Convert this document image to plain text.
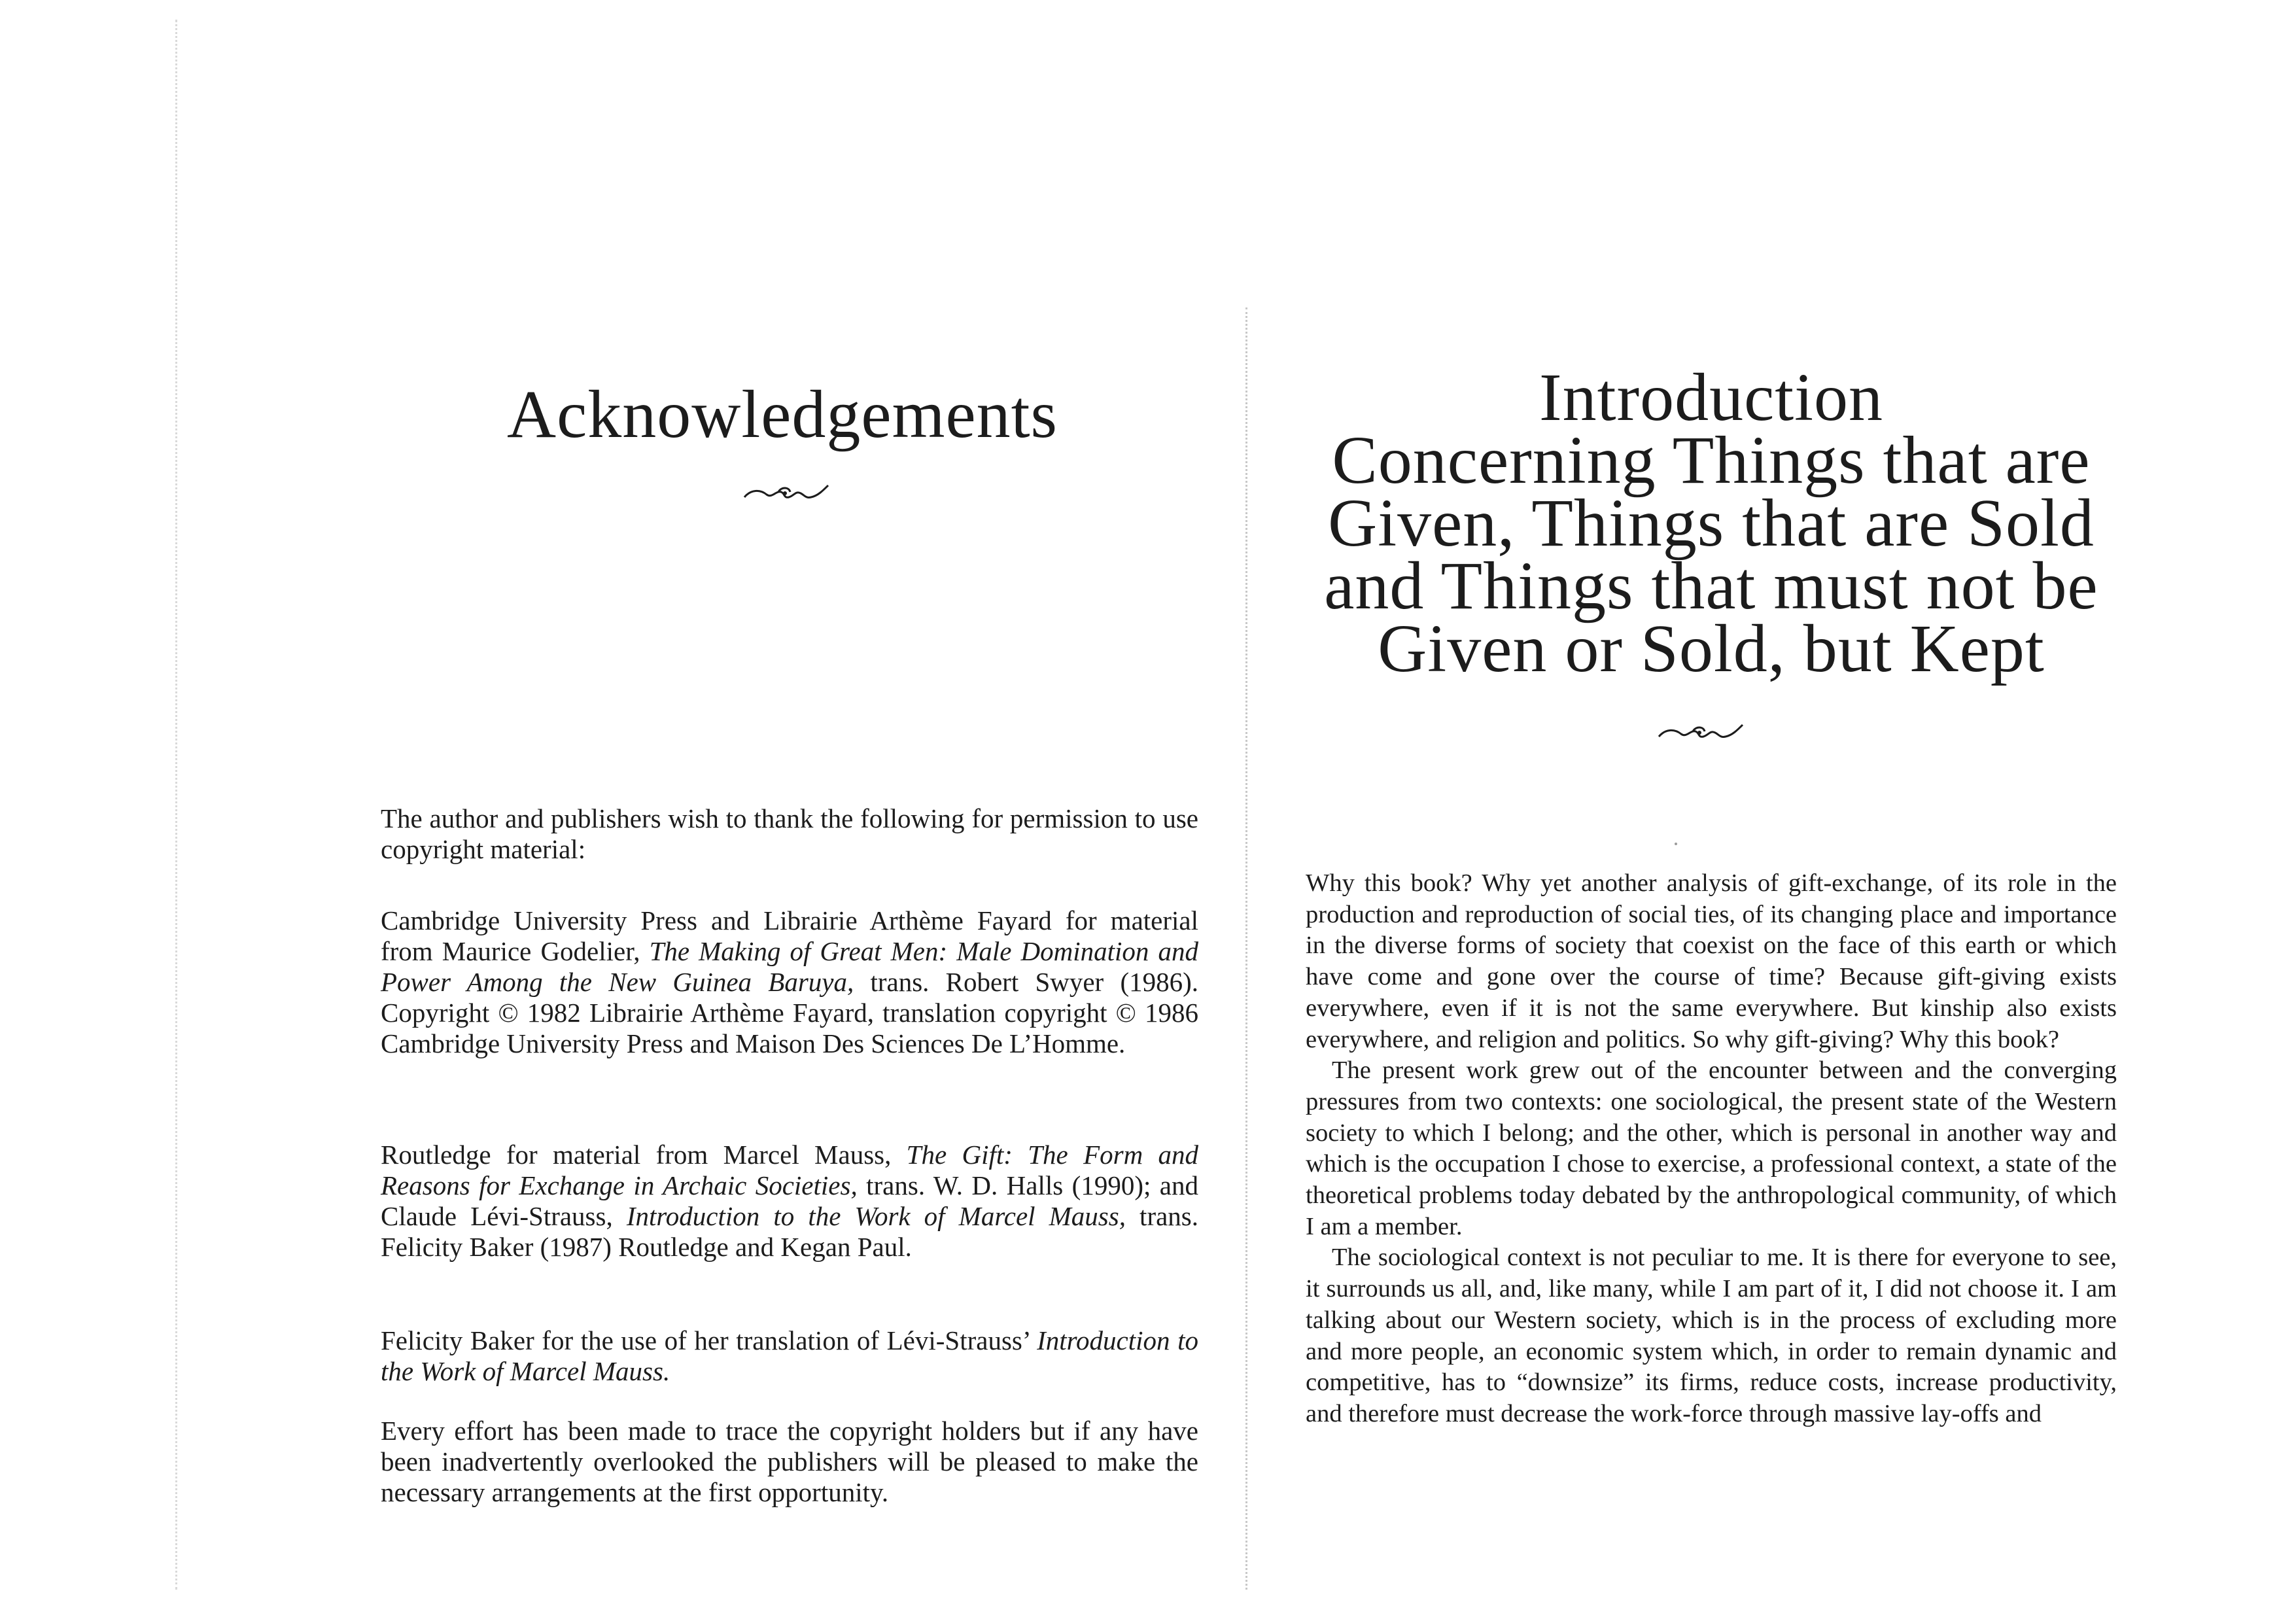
Acknowledgements

The author and publishers wish to thank the following for permission to use copyright material:

Cambridge University Press and Librairie Arthème Fayard for material from Maurice Godelier, The Making of Great Men: Male Domination and Power Among the New Guinea Baruya, trans. Robert Swyer (1986). Copyright © 1982 Librairie Arthème Fayard, translation copyright © 1986 Cambridge University Press and Maison Des Sciences De L’Homme.

Routledge for material from Marcel Mauss, The Gift: The Form and Reasons for Exchange in Archaic Societies, trans. W. D. Halls (1990); and Claude Lévi-Strauss, Introduction to the Work of Marcel Mauss, trans. Felicity Baker (1987) Routledge and Kegan Paul.

Felicity Baker for the use of her translation of Lévi-Strauss’ Introduction to the Work of Marcel Mauss.

Every effort has been made to trace the copyright holders but if any have been inadvertently overlooked the publishers will be pleased to make the necessary arrangements at the first opportunity.

Introduction
Concerning Things that are
Given, Things that are Sold
and Things that must not be
Given or Sold, but Kept

Why this book? Why yet another analysis of gift-exchange, of its role in the production and reproduction of social ties, of its changing place and importance in the diverse forms of society that coexist on the face of this earth or which have come and gone over the course of time? Because gift-giving exists everywhere, even if it is not the same everywhere. But kinship also exists everywhere, and religion and politics. So why gift-giving? Why this book?

The present work grew out of the encounter between and the converging pressures from two contexts: one sociological, the present state of the Western society to which I belong; and the other, which is personal in another way and which is the occupation I chose to exercise, a professional context, a state of the theoretical problems today debated by the anthropological community, of which I am a member.

The sociological context is not peculiar to me. It is there for everyone to see, it surrounds us all, and, like many, while I am part of it, I did not choose it. I am talking about our Western society, which is in the process of excluding more and more people, an economic system which, in order to remain dynamic and competitive, has to “downsize” its firms, reduce costs, increase productivity, and therefore must decrease the work-force through massive lay-offs and
